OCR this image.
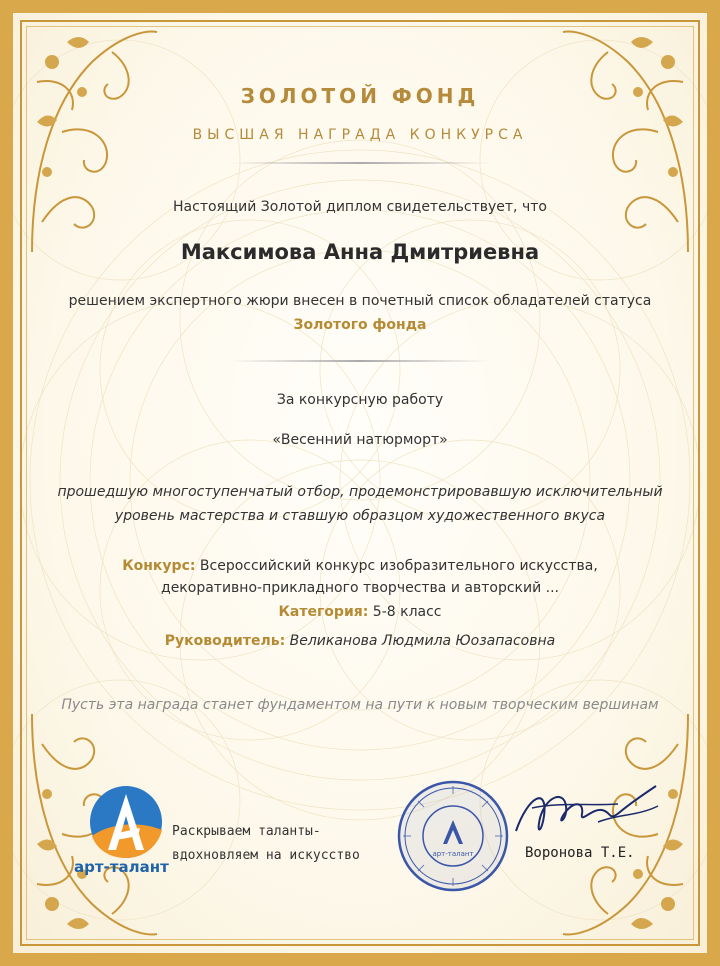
ЗОЛОТОЙ ФОНД
ВЫСШАЯ НАГРАДА КОНКУРСА
Настоящий Золотой диплом свидетельствует, что
Максимова Анна Дмитриевна
решением экспертного жюри внесен в почетный список обладателей статуса
Золотого фонда
За конкурсную работу
«Весенний натюрморт»
прошедшую многоступенчатый отбор, продемонстрировавшую исключительный
уровень мастерства и ставшую образцом художественного вкуса
Конкурс: Всероссийский конкурс изобразительного искусства,
декоративно-прикладного творчества и авторский ...
Категория: 5-8 класс
Руководитель: Великанова Людмила Юозапасовна
Пусть эта награда станет фундаментом на пути к новым творческим вершинам
арт-талант
Раскрываем таланты-
вдохновляем на искусство	арт-талант	Воронова Т.Е.
